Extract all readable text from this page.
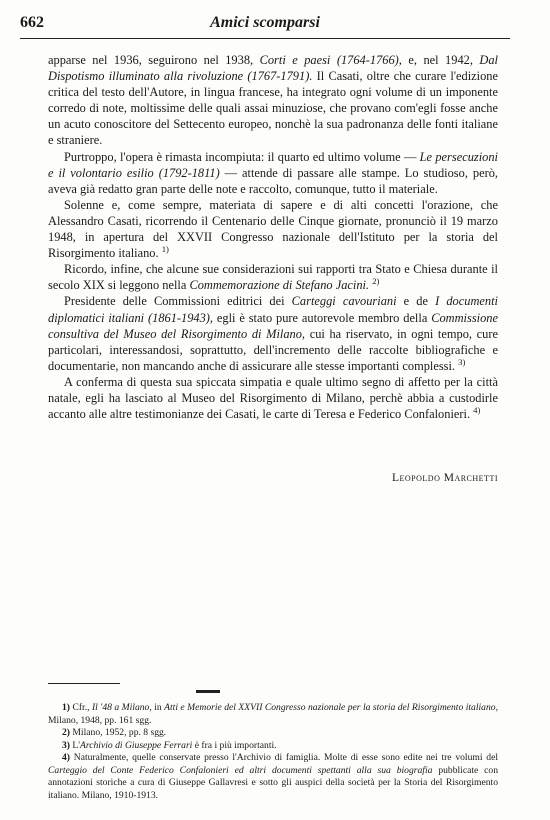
662	Amici scomparsi

apparse nel 1936, seguirono nel 1938, Corti e paesi (1764-1766), e, nel 1942, Dal Dispotismo illuminato alla rivoluzione (1767-1791). Il Casati, oltre che curare l'edizione critica del testo dell'Autore, in lingua francese, ha integrato ogni volume di un imponente corredo di note, moltissime delle quali assai minuziose, che provano com'egli fosse anche un acuto conoscitore del Settecento europeo, nonchè la sua padronanza delle fonti italiane e straniere.

Purtroppo, l'opera è rimasta incompiuta: il quarto ed ultimo volume — Le persecuzioni e il volontario esilio (1792-1811) — attende di passare alle stampe. Lo studioso, però, aveva già redatto gran parte delle note e raccolto, comunque, tutto il materiale.

Solenne e, come sempre, materiata di sapere e di alti concetti l'orazione, che Alessandro Casati, ricorrendo il Centenario delle Cinque giornate, pronunciò il 19 marzo 1948, in apertura del XXVII Congresso nazionale dell'Istituto per la storia del Risorgimento italiano. $^{1)}$

Ricordo, infine, che alcune sue considerazioni sui rapporti tra Stato e Chiesa durante il secolo XIX si leggono nella Commemorazione di Stefano Jacini. $^{2)}$

Presidente delle Commissioni editrici dei Carteggi cavouriani e de I documenti diplomatici italiani (1861-1943), egli è stato pure autorevole membro della Commissione consultiva del Museo del Risorgimento di Milano, cui ha riservato, in ogni tempo, cure particolari, interessandosi, soprattutto, dell'incremento delle raccolte bibliografiche e documentarie, non mancando anche di assicurare alle stesse importanti complessi. $^{3)}$

A conferma di questa sua spiccata simpatia e quale ultimo segno di affetto per la città natale, egli ha lasciato al Museo del Risorgimento di Milano, perchè abbia a custodirle accanto alle altre testimonianze dei Casati, le carte di Teresa e Federico Confalonieri. $^{4)}$

Leopoldo Marchetti

1) Cfr., Il '48 a Milano, in Atti e Memorie del XXVII Congresso nazionale per la storia del Risorgimento italiano, Milano, 1948, pp. 161 sgg.

2) Milano, 1952, pp. 8 sgg.

3) L'Archivio di Giuseppe Ferrari è fra i più importanti.

4) Naturalmente, quelle conservate presso l'Archivio di famiglia. Molte di esse sono edite nei tre volumi del Carteggio del Conte Federico Confalonieri ed altri documenti spettanti alla sua biografia pubblicate con annotazioni storiche a cura di Giuseppe Gallavresi e sotto gli auspici della società per la Storia del Risorgimento italiano. Milano, 1910-1913.
